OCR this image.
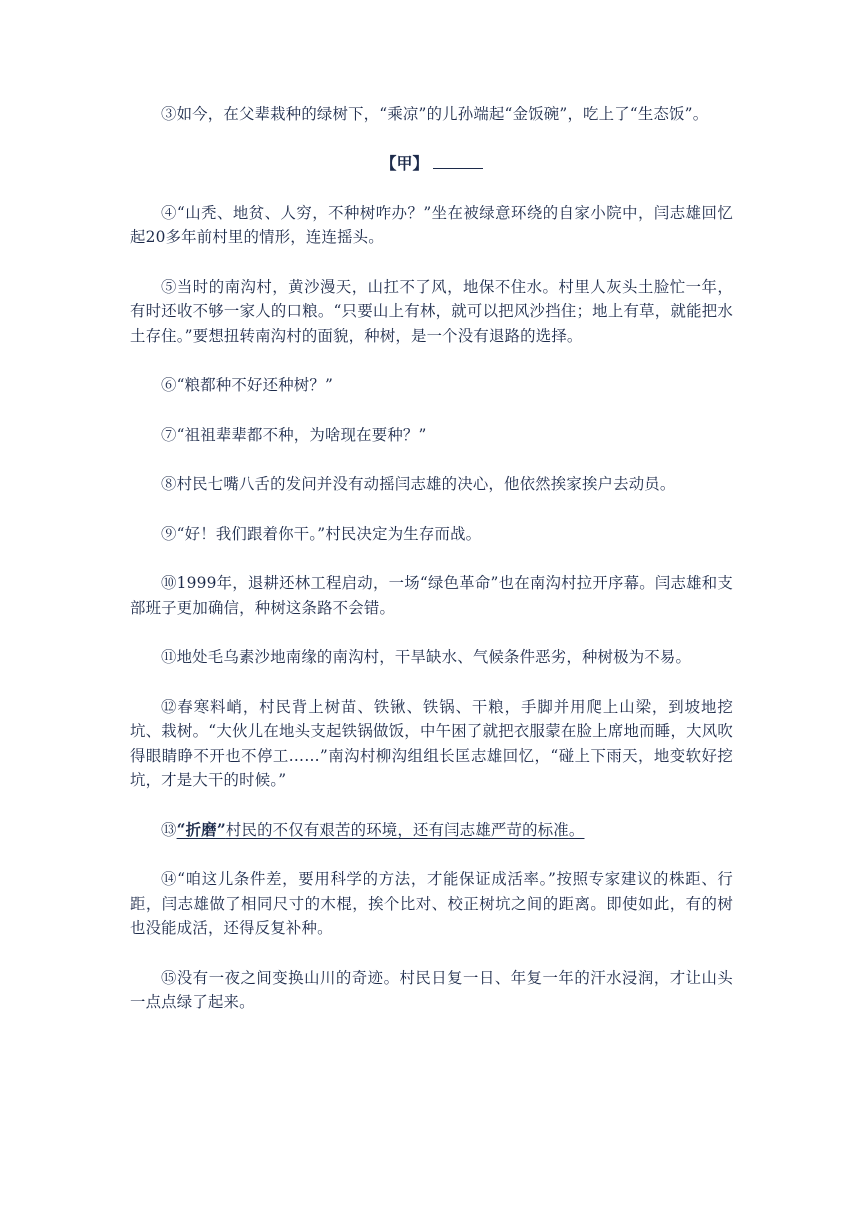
③如今，在父辈栽种的绿树下，“乘凉”的儿孙端起“金饭碗”，吃上了“生态饭”。

【甲】

④“山秃、地贫、人穷，不种树咋办？”坐在被绿意环绕的自家小院中，闫志雄回忆起20多年前村里的情形，连连摇头。

⑤当时的南沟村，黄沙漫天，山扛不了风，地保不住水。村里人灰头土脸忙一年，有时还收不够一家人的口粮。“只要山上有林，就可以把风沙挡住；地上有草，就能把水土存住。”要想扭转南沟村的面貌，种树，是一个没有退路的选择。

⑥“粮都种不好还种树？”

⑦“祖祖辈辈都不种，为啥现在要种？”

⑧村民七嘴八舌的发问并没有动摇闫志雄的决心，他依然挨家挨户去动员。

⑨“好！我们跟着你干。”村民决定为生存而战。

⑩1999年，退耕还林工程启动，一场“绿色革命”也在南沟村拉开序幕。闫志雄和支部班子更加确信，种树这条路不会错。

⑪地处毛乌素沙地南缘的南沟村，干旱缺水、气候条件恶劣，种树极为不易。

⑫春寒料峭，村民背上树苗、铁锹、铁锅、干粮，手脚并用爬上山梁，到坡地挖坑、栽树。“大伙儿在地头支起铁锅做饭，中午困了就把衣服蒙在脸上席地而睡，大风吹得眼睛睁不开也不停工……”南沟村柳沟组组长匡志雄回忆，“碰上下雨天，地变软好挖坑，才是大干的时候。”

⑬“折磨”村民的不仅有艰苦的环境，还有闫志雄严苛的标准。

⑭“咱这儿条件差，要用科学的方法，才能保证成活率。”按照专家建议的株距、行距，闫志雄做了相同尺寸的木棍，挨个比对、校正树坑之间的距离。即使如此，有的树也没能成活，还得反复补种。

⑮没有一夜之间变换山川的奇迹。村民日复一日、年复一年的汗水浸润，才让山头一点点绿了起来。
